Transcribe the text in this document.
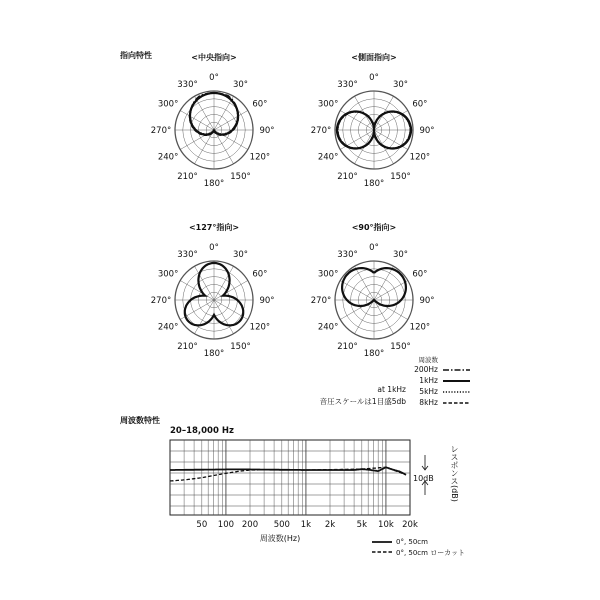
指向特性
周波数特性
<中央指向>	<側面指向>
<127°指向>	<90°指向>
0°
30°
60°
90°
120°
150°
180°
210°
240°
270°
300°
330°
0°
30°
60°
90°
120°
150°
180°
210°
240°
270°
300°
330°
0°
30°
60°
90°
120°
150°
180°
210°
240°
270°
300°
330°
0°
30°
60°
90°
120°
150°
180°
210°
240°
270°
300°
330°
50 100 200 500 1k 2k	5k 10k 20k
周波数
200Hz
1kHz
5kHz
8kHz
at 1kHz
音圧スケールは1目盛5db
20–18,000 Hz
10dB	レスポンス(dB)
周波数(Hz)	0°, 50cm
0°, 50cm ローカット
